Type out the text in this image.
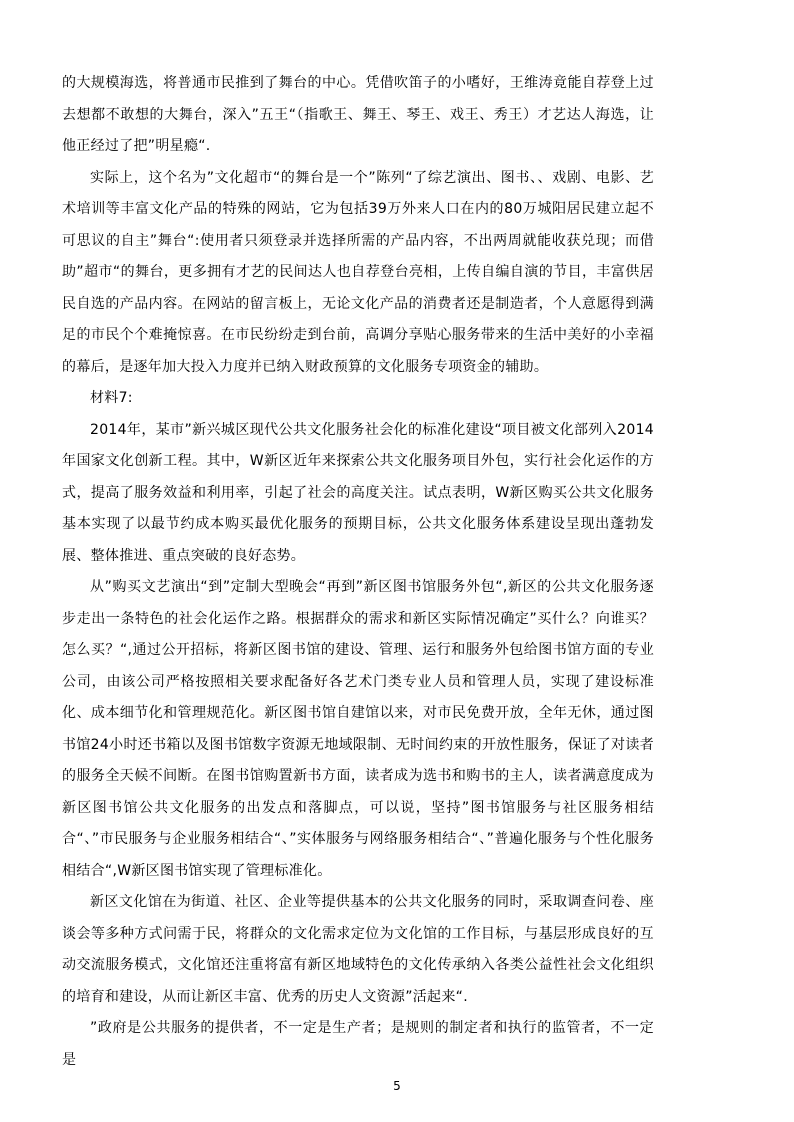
的大规模海选，将普通市民推到了舞台的中心。凭借吹笛子的小嗜好，王维涛竟能自荐登上过去想都不敢想的大舞台，深入”五王“（指歌王、舞王、琴王、戏王、秀王）才艺达人海选，让他正经过了把”明星瘾“.

实际上，这个名为”文化超市“的舞台是一个”陈列“了综艺演出、图书、、戏剧、电影、艺术培训等丰富文化产品的特殊的网站，它为包括39万外来人口在内的80万城阳居民建立起不可思议的自主”舞台“:使用者只须登录并选择所需的产品内容，不出两周就能收获兑现；而借助”超市“的舞台，更多拥有才艺的民间达人也自荐登台亮相，上传自编自演的节目，丰富供居民自选的产品内容。在网站的留言板上，无论文化产品的消费者还是制造者，个人意愿得到满足的市民个个难掩惊喜。在市民纷纷走到台前，高调分享贴心服务带来的生活中美好的小幸福的幕后，是逐年加大投入力度并已纳入财政预算的文化服务专项资金的辅助。

材料7:

2014年，某市”新兴城区现代公共文化服务社会化的标准化建设“项目被文化部列入2014年国家文化创新工程。其中，W新区近年来探索公共文化服务项目外包，实行社会化运作的方式，提高了服务效益和利用率，引起了社会的高度关注。试点表明，W新区购买公共文化服务基本实现了以最节约成本购买最优化服务的预期目标，公共文化服务体系建设呈现出蓬勃发展、整体推进、重点突破的良好态势。

从”购买文艺演出“到”定制大型晚会“再到”新区图书馆服务外包“,新区的公共文化服务逐步走出一条特色的社会化运作之路。根据群众的需求和新区实际情况确定”买什么？向谁买？怎么买？“,通过公开招标，将新区图书馆的建设、管理、运行和服务外包给图书馆方面的专业公司，由该公司严格按照相关要求配备好各艺术门类专业人员和管理人员，实现了建设标准化、成本细节化和管理规范化。新区图书馆自建馆以来，对市民免费开放，全年无休，通过图书馆24小时还书箱以及图书馆数字资源无地域限制、无时间约束的开放性服务，保证了对读者的服务全天候不间断。在图书馆购置新书方面，读者成为选书和购书的主人，读者满意度成为新区图书馆公共文化服务的出发点和落脚点，可以说，坚持”图书馆服务与社区服务相结合“、”市民服务与企业服务相结合“、”实体服务与网络服务相结合“、”普遍化服务与个性化服务相结合“,W新区图书馆实现了管理标准化。

新区文化馆在为街道、社区、企业等提供基本的公共文化服务的同时，采取调查问卷、座谈会等多种方式问需于民，将群众的文化需求定位为文化馆的工作目标，与基层形成良好的互动交流服务模式，文化馆还注重将富有新区地域特色的文化传承纳入各类公益性社会文化组织的培育和建设，从而让新区丰富、优秀的历史人文资源”活起来“.

”政府是公共服务的提供者，不一定是生产者；是规则的制定者和执行的监管者，不一定是

5
